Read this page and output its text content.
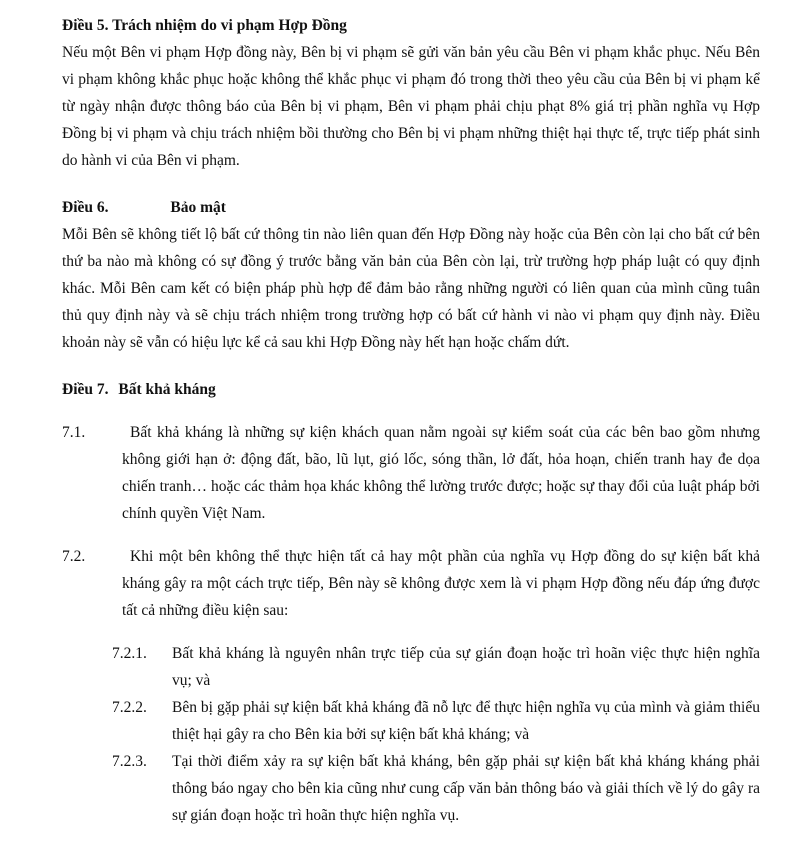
Điều 5. Trách nhiệm do vi phạm Hợp Đồng

Nếu một Bên vi phạm Hợp đồng này, Bên bị vi phạm sẽ gửi văn bản yêu cầu Bên vi phạm khắc phục. Nếu Bên vi phạm không khắc phục hoặc không thể khắc phục vi phạm đó trong thời theo yêu cầu của Bên bị vi phạm kể từ ngày nhận được thông báo của Bên bị vi phạm, Bên vi phạm phải chịu phạt 8% giá trị phần nghĩa vụ Hợp Đồng bị vi phạm và chịu trách nhiệm bồi thường cho Bên bị vi phạm những thiệt hại thực tế, trực tiếp phát sinh do hành vi của Bên vi phạm.

Điều 6.	Bảo mật

Mỗi Bên sẽ không tiết lộ bất cứ thông tin nào liên quan đến Hợp Đồng này hoặc của Bên còn lại cho bất cứ bên thứ ba nào mà không có sự đồng ý trước bằng văn bản của Bên còn lại, trừ trường hợp pháp luật có quy định khác. Mỗi Bên cam kết có biện pháp phù hợp để đảm bảo rằng những người có liên quan của mình cũng tuân thủ quy định này và sẽ chịu trách nhiệm trong trường hợp có bất cứ hành vi nào vi phạm quy định này. Điều khoản này sẽ vẫn có hiệu lực kể cả sau khi Hợp Đồng này hết hạn hoặc chấm dứt.

Điều 7. Bất khả kháng

7.1.	Bất khả kháng là những sự kiện khách quan nằm ngoài sự kiểm soát của các bên bao gồm nhưng không giới hạn ở: động đất, bão, lũ lụt, gió lốc, sóng thần, lở đất, hỏa hoạn, chiến tranh hay đe dọa chiến tranh… hoặc các thảm họa khác không thể lường trước được; hoặc sự thay đổi của luật pháp bởi chính quyền Việt Nam.
7.2.	Khi một bên không thể thực hiện tất cả hay một phần của nghĩa vụ Hợp đồng do sự kiện bất khả kháng gây ra một cách trực tiếp, Bên này sẽ không được xem là vi phạm Hợp đồng nếu đáp ứng được tất cả những điều kiện sau:
7.2.1.	Bất khả kháng là nguyên nhân trực tiếp của sự gián đoạn hoặc trì hoãn việc thực hiện nghĩa vụ; và
7.2.2.	Bên bị gặp phải sự kiện bất khả kháng đã nỗ lực để thực hiện nghĩa vụ của mình và giảm thiểu thiệt hại gây ra cho Bên kia bởi sự kiện bất khả kháng; và
7.2.3.	Tại thời điểm xảy ra sự kiện bất khả kháng, bên gặp phải sự kiện bất khả kháng kháng phải thông báo ngay cho bên kia cũng như cung cấp văn bản thông báo và giải thích về lý do gây ra sự gián đoạn hoặc trì hoãn thực hiện nghĩa vụ.
